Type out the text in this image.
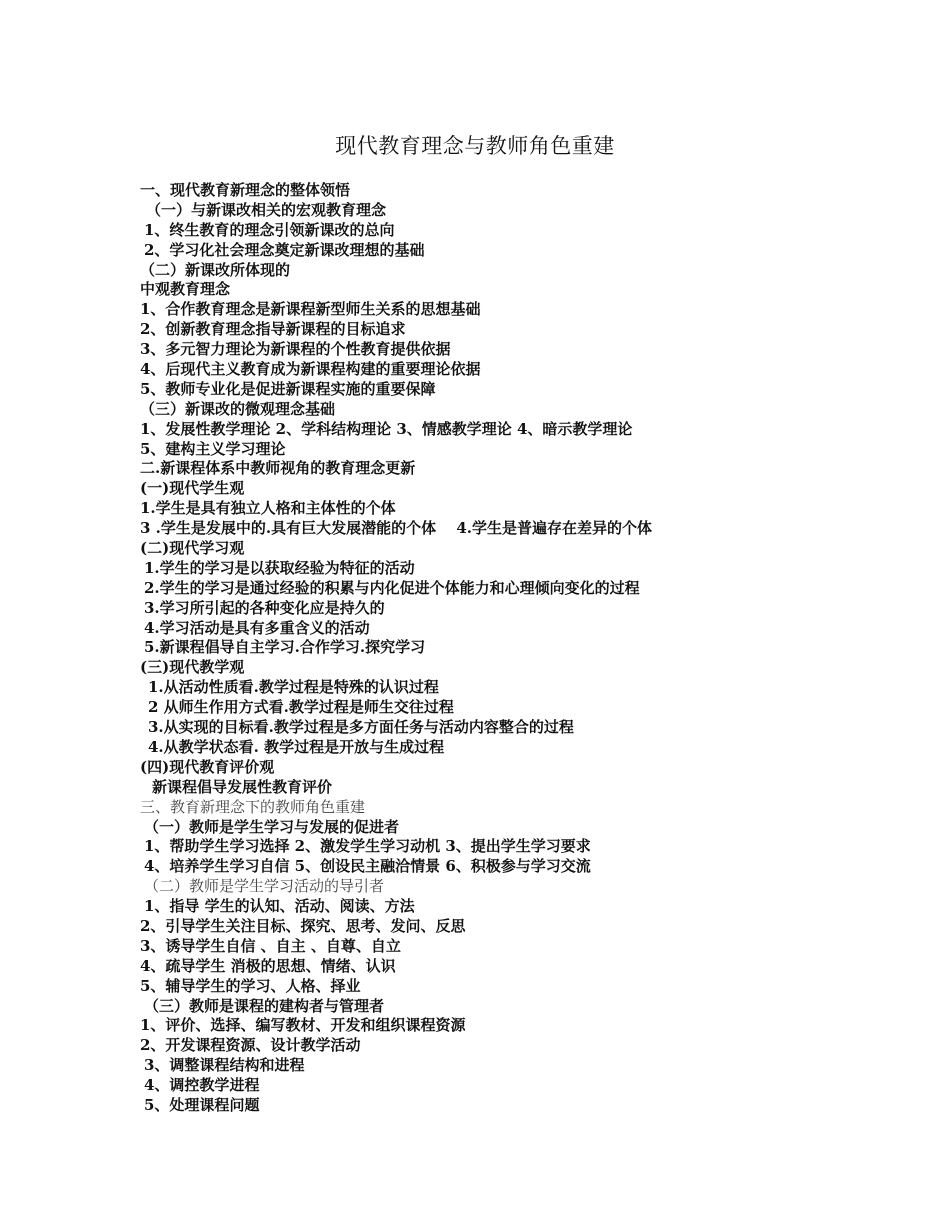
现代教育理念与教师角色重建
一、现代教育新理念的整体领悟
（一）与新课改相关的宏观教育理念
1、终生教育的理念引领新课改的总向
2、学习化社会理念奠定新课改理想的基础
（二）新课改所体现的
中观教育理念
1、合作教育理念是新课程新型师生关系的思想基础
2、创新教育理念指导新课程的目标追求
3、多元智力理论为新课程的个性教育提供依据
4、后现代主义教育成为新课程构建的重要理论依据
5、教师专业化是促进新课程实施的重要保障
（三）新课改的微观理念基础
1、发展性教学理论 2、学科结构理论 3、情感教学理论 4、暗示教学理论
5、建构主义学习理论
二.新课程体系中教师视角的教育理念更新
(一)现代学生观
1.学生是具有独立人格和主体性的个体
3 .学生是发展中的.具有巨大发展潜能的个体　 4.学生是普遍存在差异的个体
(二)现代学习观
1.学生的学习是以获取经验为特征的活动
2.学生的学习是通过经验的积累与内化促进个体能力和心理倾向变化的过程
3.学习所引起的各种变化应是持久的
4.学习活动是具有多重含义的活动
5.新课程倡导自主学习.合作学习.探究学习
(三)现代教学观
1.从活动性质看.教学过程是特殊的认识过程
2 从师生作用方式看.教学过程是师生交往过程
3.从实现的目标看.教学过程是多方面任务与活动内容整合的过程
4.从教学状态看. 教学过程是开放与生成过程
(四)现代教育评价观
新课程倡导发展性教育评价
三、教育新理念下的教师角色重建
（一）教师是学生学习与发展的促进者
1、帮助学生学习选择 2、激发学生学习动机 3、提出学生学习要求
4、培养学生学习自信 5、创设民主融洽情景 6、积极参与学习交流
（二）教师是学生学习活动的导引者
1、指导 学生的认知、活动、阅读、方法
2、引导学生关注目标、探究、思考、发问、反思
3、诱导学生自信 、自主 、自尊、自立
4、疏导学生 消极的思想、情绪、认识
5、辅导学生的学习、人格、择业
（三）教师是课程的建构者与管理者
1、评价、选择、编写教材、开发和组织课程资源
2、开发课程资源、设计教学活动
3、调整课程结构和进程
4、调控教学进程
5、处理课程问题
